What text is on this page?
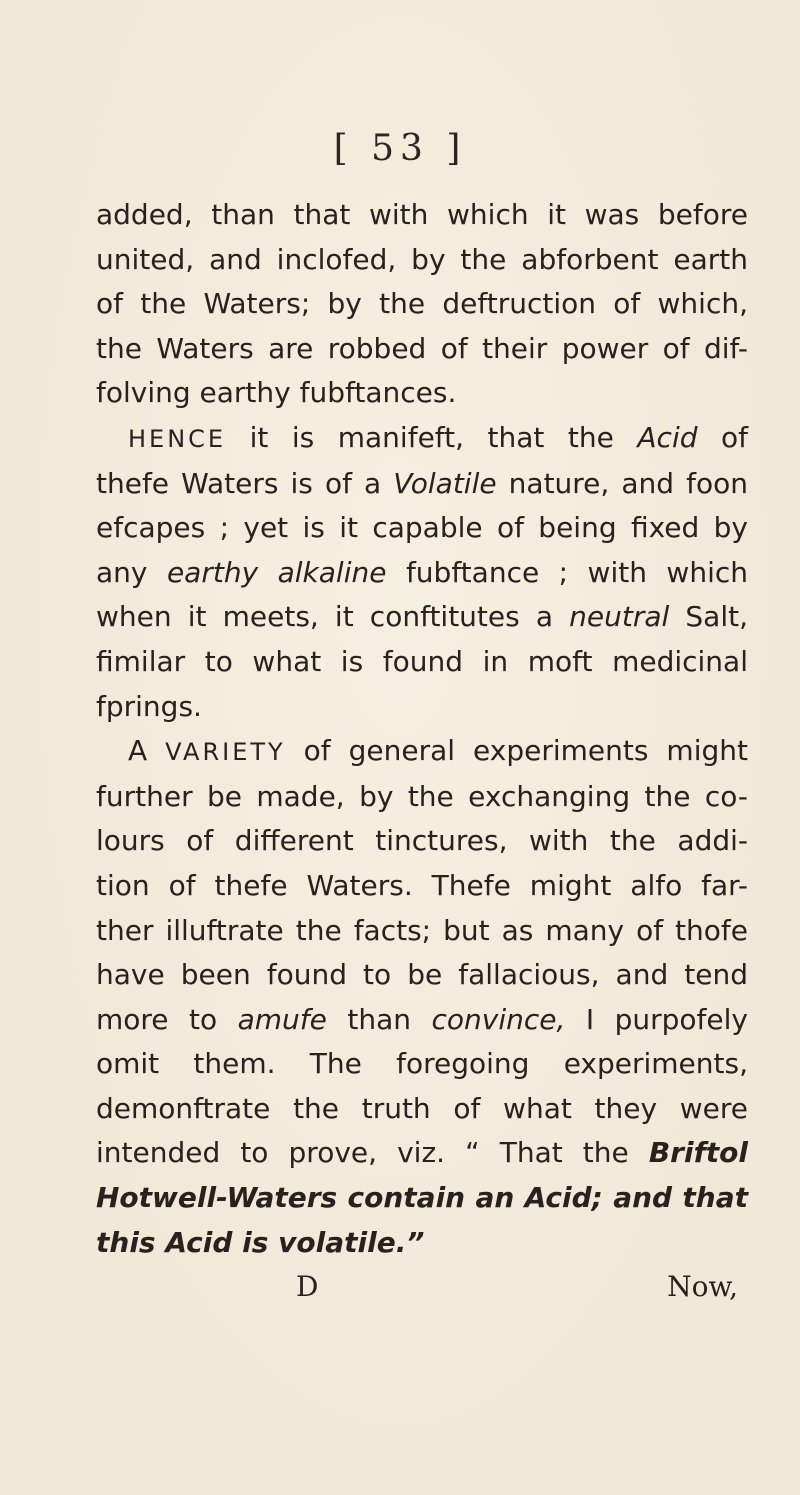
[ 53 ]
added, than that with which it was before
united, and inclofed, by the abforbent earth
of the Waters; by the deftruction of which,
the Waters are robbed of their power of dif-
folving earthy fubftances.
HENCE it is manifeft, that the Acid of
thefe Waters is of a Volatile nature, and foon
efcapes ; yet is it capable of being fixed by
any earthy alkaline fubftance ; with which
when it meets, it conftitutes a neutral Salt,
fimilar to what is found in moft medicinal
fprings.
A VARIETY of general experiments might
further be made, by the exchanging the co-
lours of different tinctures, with the addi-
tion of thefe Waters. Thefe might alfo far-
ther illuftrate the facts; but as many of thofe
have been found to be fallacious, and tend
more to amufe than convince, I purpofely
omit them. The foregoing experiments,
demonftrate the truth of what they were
intended to prove, viz. “ That the Briftol
Hotwell-Waters contain an Acid; and that
this Acid is volatile.”
D	Now,
